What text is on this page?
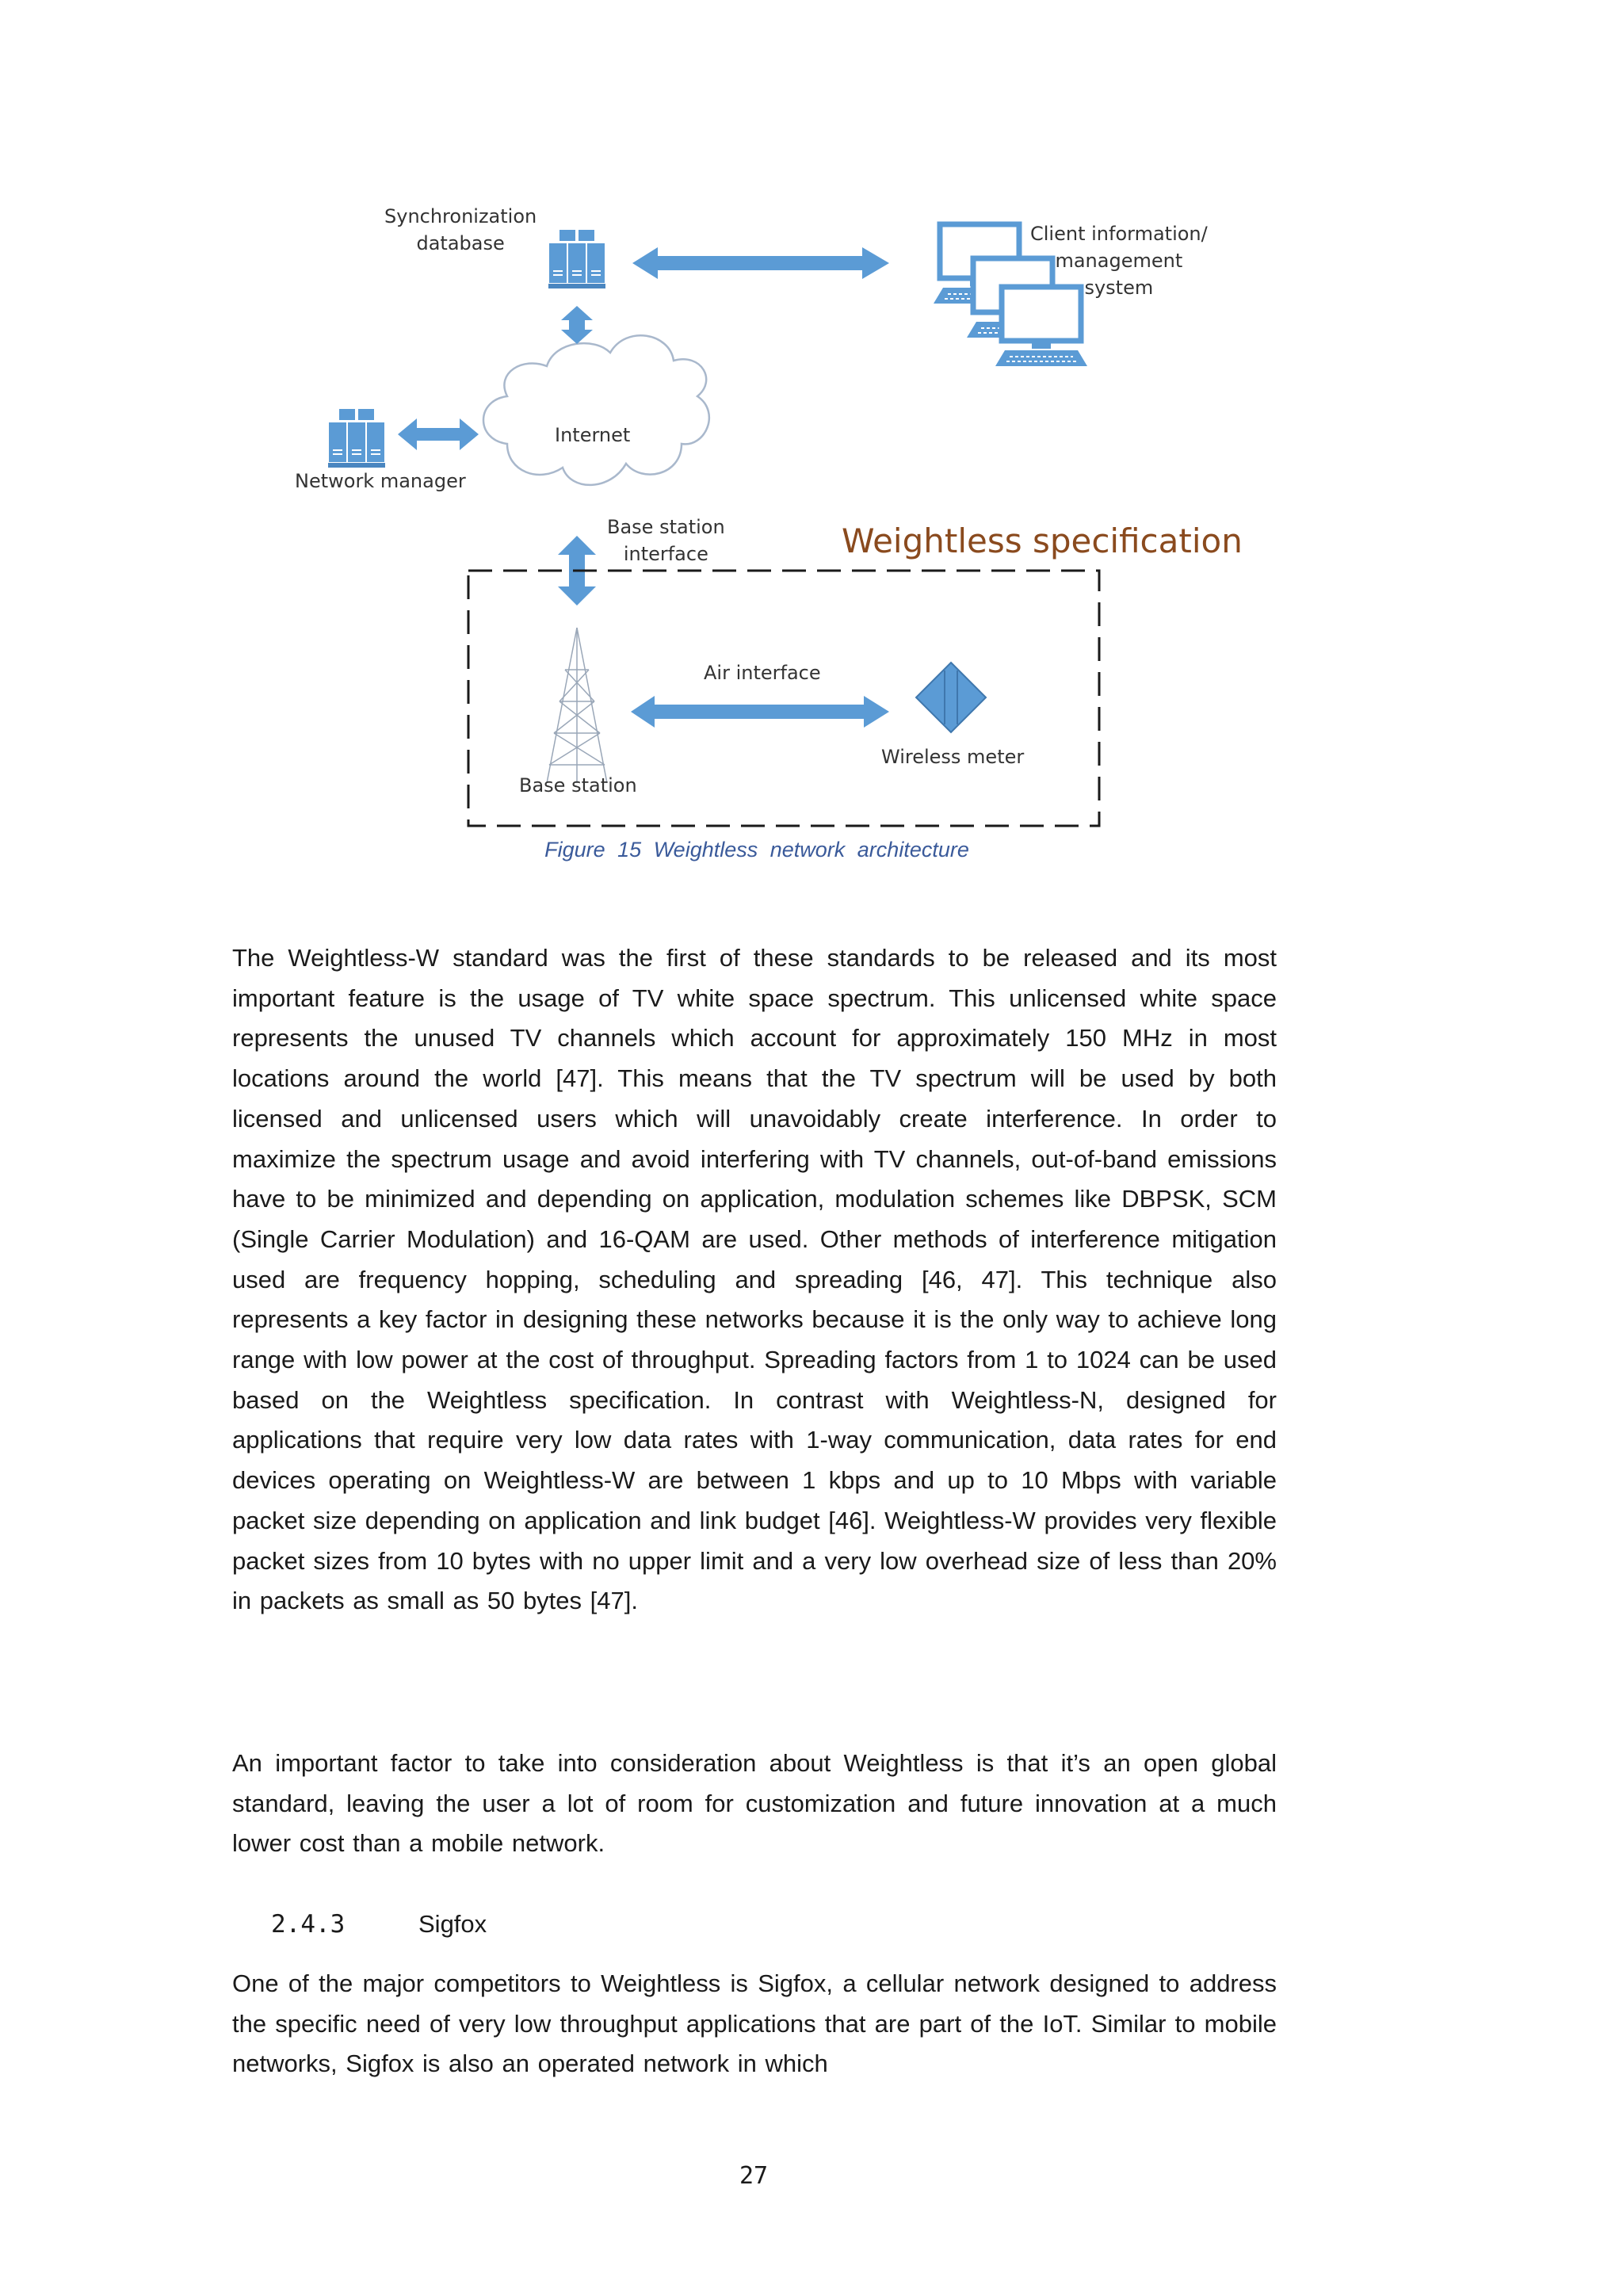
Synchronization
database	Client information/
management
system
Internet
Network manager
Base station
interface
Air interface
Wireless meter
Base station
Weightless specification
Figure 15 Weightless network architecture

The Weightless-W standard was the first of these standards to be released and its most important feature is the usage of TV white space spectrum. This unlicensed white space represents the unused TV channels which account for approximately 150 MHz in most locations around the world [47]. This means that the TV spectrum will be used by both licensed and unlicensed users which will unavoidably create interference. In order to maximize the spectrum usage and avoid interfering with TV channels, out-of-band emissions have to be minimized and depending on application, modulation schemes like DBPSK, SCM (Single Carrier Modulation) and 16-QAM are used. Other methods of interference mitigation used are frequency hopping, scheduling and spreading [46, 47]. This technique also represents a key factor in designing these networks because it is the only way to achieve long range with low power at the cost of throughput. Spreading factors from 1 to 1024 can be used based on the Weightless specification. In contrast with Weightless-N, designed for applications that require very low data rates with 1-way communication, data rates for end devices operating on Weightless-W are between 1 kbps and up to 10 Mbps with variable packet size depending on application and link budget [46]. Weightless-W provides very flexible packet sizes from 10 bytes with no upper limit and a very low overhead size of less than 20% in packets as small as 50 bytes [47].

An important factor to take into consideration about Weightless is that it’s an open global standard, leaving the user a lot of room for customization and future innovation at a much lower cost than a mobile network.

2.4.3	Sigfox

One of the major competitors to Weightless is Sigfox, a cellular network designed to address the specific need of very low throughput applications that are part of the IoT. Similar to mobile networks, Sigfox is also an operated network in which

27
